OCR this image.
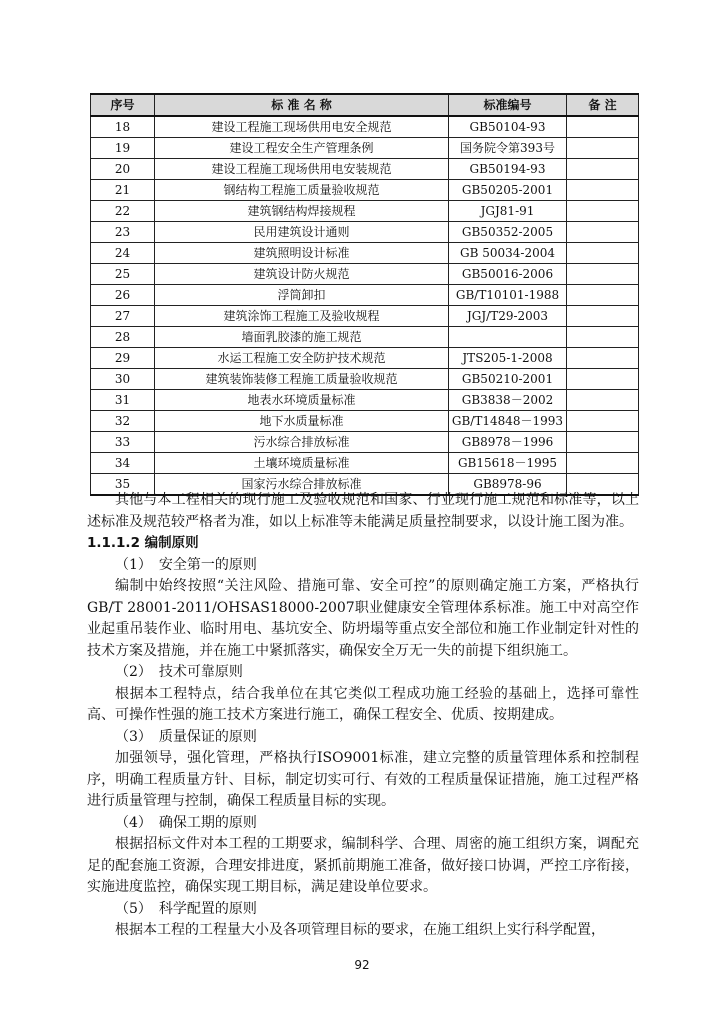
序号	标 准 名 称	标准编号	备 注
18	建设工程施工现场供用电安全规范	GB50104-93	
19	建设工程安全生产管理条例	国务院令第393号	
20	建设工程施工现场供用电安装规范	GB50194-93	
21	钢结构工程施工质量验收规范	GB50205-2001	
22	建筑钢结构焊接规程	JGJ81-91	
23	民用建筑设计通则	GB50352-2005	
24	建筑照明设计标准	GB 50034-2004	
25	建筑设计防火规范	GB50016-2006	
26	浮筒卸扣	GB/T10101-1988	
27	建筑涂饰工程施工及验收规程	JGJ/T29-2003	
28	墙面乳胶漆的施工规范		
29	水运工程施工安全防护技术规范	JTS205-1-2008	
30	建筑装饰装修工程施工质量验收规范	GB50210-2001	
31	地表水环境质量标准	GB3838－2002	
32	地下水质量标准	GB/T14848－1993	
33	污水综合排放标准	GB8978－1996	
34	土壤环境质量标准	GB15618－1995	
35	国家污水综合排放标准	GB8978-96	

其他与本工程相关的现行施工及验收规范和国家、行业现行施工规范和标准等，以上述标准及规范较严格者为准，如以上标准等未能满足质量控制要求，以设计施工图为准。

1.1.1.2 编制原则

（1）　安全第一的原则

编制中始终按照“关注风险、措施可靠、安全可控”的原则确定施工方案，严格执行GB/T 28001-2011/OHSAS18000-2007职业健康安全管理体系标准。施工中对高空作业起重吊装作业、临时用电、基坑安全、防坍塌等重点安全部位和施工作业制定针对性的技术方案及措施，并在施工中紧抓落实，确保安全万无一失的前提下组织施工。

（2）　技术可靠原则

根据本工程特点，结合我单位在其它类似工程成功施工经验的基础上，选择可靠性高、可操作性强的施工技术方案进行施工，确保工程安全、优质、按期建成。

（3）　质量保证的原则

加强领导，强化管理，严格执行ISO9001标准，建立完整的质量管理体系和控制程序，明确工程质量方针、目标，制定切实可行、有效的工程质量保证措施，施工过程严格进行质量管理与控制，确保工程质量目标的实现。

（4）　确保工期的原则

根据招标文件对本工程的工期要求，编制科学、合理、周密的施工组织方案，调配充足的配套施工资源，合理安排进度，紧抓前期施工准备，做好接口协调，严控工序衔接，实施进度监控，确保实现工期目标，满足建设单位要求。

（5）　科学配置的原则

根据本工程的工程量大小及各项管理目标的要求，在施工组织上实行科学配置，

92
